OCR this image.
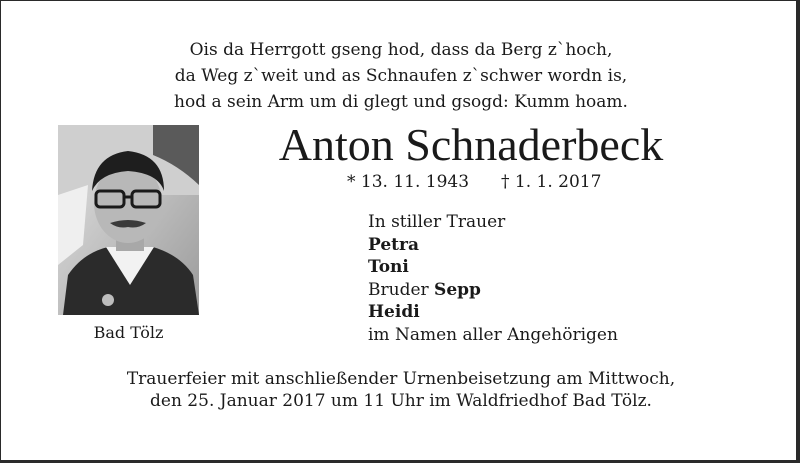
Ois da Herrgott gseng hod, dass da Berg z`hoch,
da Weg z`weit und as Schnaufen z`schwer wordn is,
hod a sein Arm um di glegt und gsogd: Kumm hoam.
Bad Tölz
Anton Schnaderbeck
* 13. 11. 1943 † 1. 1. 2017
In stiller Trauer
Petra
Toni
Bruder Sepp
Heidi
im Namen aller Angehörigen
Trauerfeier mit anschließender Urnenbeisetzung am Mittwoch,
den 25. Januar 2017 um 11 Uhr im Waldfriedhof Bad Tölz.
